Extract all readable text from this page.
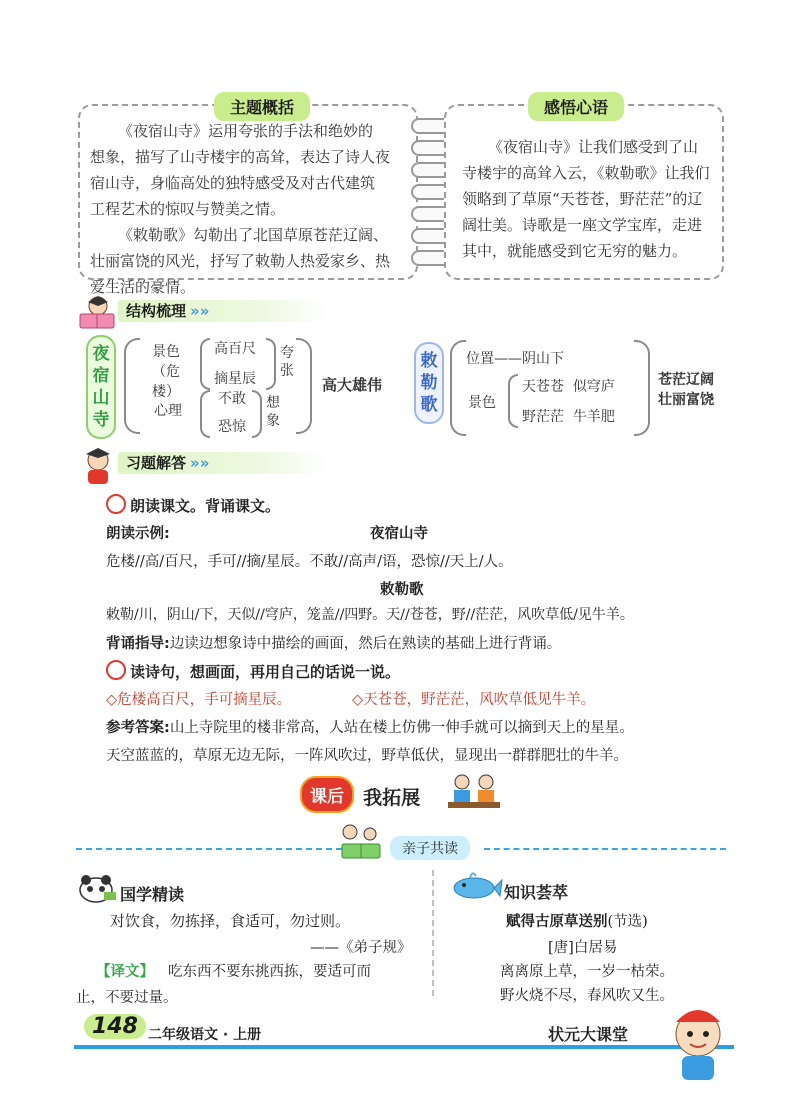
主题概括
《夜宿山寺》运用夸张的手法和绝妙的
想象，描写了山寺楼宇的高耸，表达了诗人夜
宿山寺，身临高处的独特感受及对古代建筑
工程艺术的惊叹与赞美之情。
《敕勒歌》勾勒出了北国草原苍茫辽阔、
壮丽富饶的风光，抒写了敕勒人热爱家乡、热
爱生活的豪情。
感悟心语
《夜宿山寺》让我们感受到了山
寺楼宇的高耸入云，《敕勒歌》让我们
领略到了草原“天苍苍，野茫茫”的辽
阔壮美。诗歌是一座文学宝库，走进
其中，就能感受到它无穷的魅力。
结构梳理 »»
夜宿山寺
景色
（危楼）
高百尺
摘星辰
夸张
心理
不敢
恐惊
想象
高大雄伟
敕勒歌
位置——阴山下
景色
天苍苍  似穹庐
野茫茫  牛羊肥
苍茫辽阔
壮丽富饶
习题解答 »»
朗读课文。背诵课文。
朗读示例:	夜宿山寺
危楼//高/百尺，手可//摘/星辰。不敢//高声/语，恐惊//天上/人。
敕勒歌
敕勒/川，阴山/下，天似//穹庐，笼盖//四野。天//苍苍，野//茫茫，风吹草低/见牛羊。
背诵指导:边读边想象诗中描绘的画面，然后在熟读的基础上进行背诵。
读诗句，想画面，再用自己的话说一说。
◇危楼高百尺，手可摘星辰。	◇天苍苍，野茫茫，风吹草低见牛羊。
参考答案:山上寺院里的楼非常高，人站在楼上仿佛一伸手就可以摘到天上的星星。
天空蓝蓝的，草原无边无际，一阵风吹过，野草低伏，显现出一群群肥壮的牛羊。
课后 我拓展
亲子共读
国学精读
对饮食，勿拣择，食适可，勿过则。
——《弟子规》
【译文】 吃东西不要东挑西拣，要适可而
止，不要过量。
知识荟萃
赋得古原草送别(节选)
[唐]白居易
离离原上草，一岁一枯荣。
野火烧不尽，春风吹又生。
148 二年级语文 · 上册	状元大课堂
